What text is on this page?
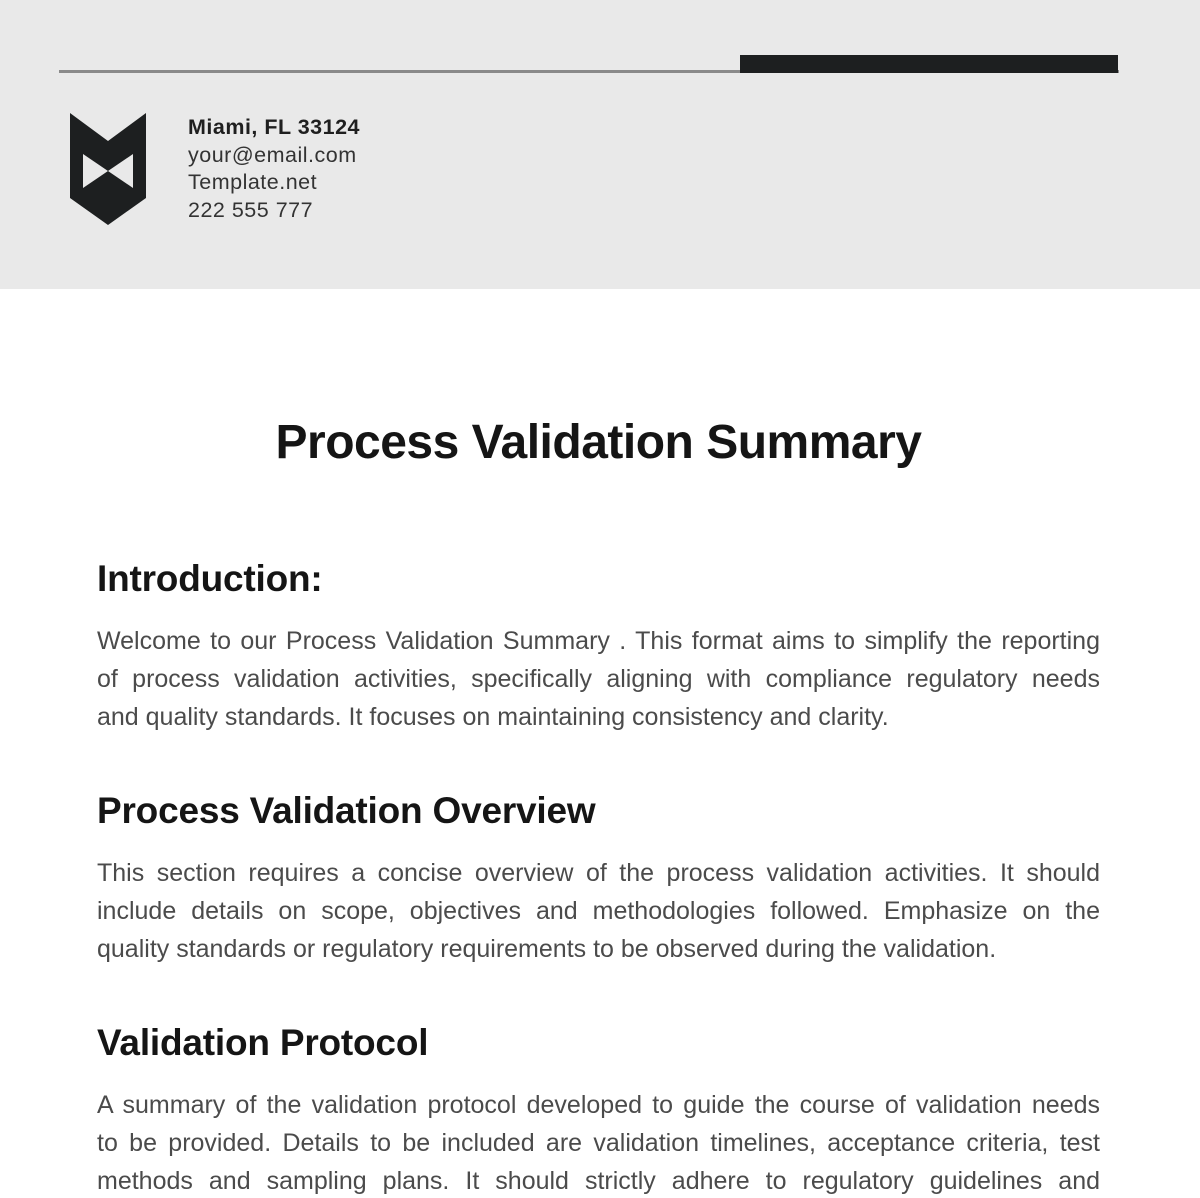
Miami, FL 33124
your@email.com
Template.net
222 555 777
Process Validation Summary
Introduction:
Welcome to our Process Validation Summary . This format aims to simplify the reporting
of process validation activities, specifically aligning with compliance regulatory needs
and quality standards. It focuses on maintaining consistency and clarity.
Process Validation Overview
This section requires a concise overview of the process validation activities. It should
include details on scope, objectives and methodologies followed. Emphasize on the
quality standards or regulatory requirements to be observed during the validation.
Validation Protocol
A summary of the validation protocol developed to guide the course of validation needs
to be provided. Details to be included are validation timelines, acceptance criteria, test
methods and sampling plans. It should strictly adhere to regulatory guidelines and
